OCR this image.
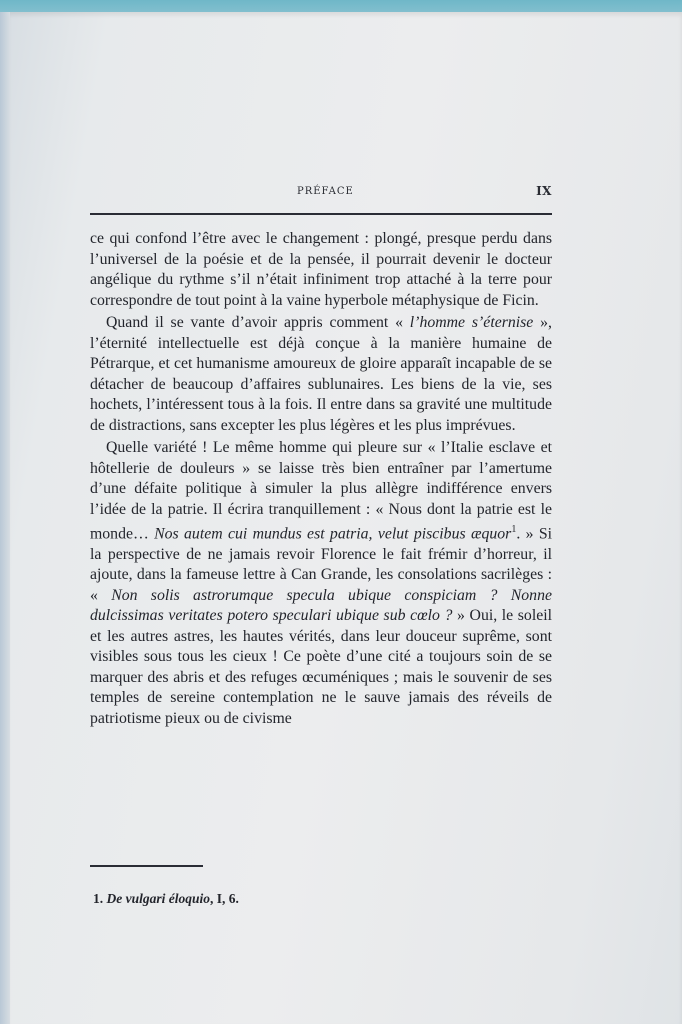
PRÉFACE	IX

ce qui confond l’être avec le changement : plongé, presque perdu dans l’universel de la poésie et de la pensée, il pourrait devenir le docteur angélique du rythme s’il n’était infiniment trop attaché à la terre pour correspondre de tout point à la vaine hyperbole métaphysique de Ficin.

Quand il se vante d’avoir appris comment « l’homme s’éternise », l’éternité intellectuelle est déjà conçue à la manière humaine de Pétrarque, et cet humanisme amoureux de gloire apparaît incapable de se détacher de beaucoup d’affaires sublunaires. Les biens de la vie, ses hochets, l’intéressent tous à la fois. Il entre dans sa gravité une multitude de distractions, sans excepter les plus légères et les plus imprévues.

Quelle variété ! Le même homme qui pleure sur « l’Italie esclave et hôtellerie de douleurs » se laisse très bien entraîner par l’amertume d’une défaite politique à simuler la plus allègre indifférence envers l’idée de la patrie. Il écrira tranquillement : « Nous dont la patrie est le monde… Nos autem cui mundus est patria, velut piscibus æquor$^1$. » Si la perspective de ne jamais revoir Florence le fait frémir d’horreur, il ajoute, dans la fameuse lettre à Can Grande, les consolations sacrilèges : « Non solis astrorumque specula ubique conspiciam ? Nonne dulcissimas veritates potero speculari ubique sub cœlo ? » Oui, le soleil et les autres astres, les hautes vérités, dans leur douceur suprême, sont visibles sous tous les cieux ! Ce poète d’une cité a toujours soin de se marquer des abris et des refuges œcuméniques ; mais le souvenir de ses temples de sereine contemplation ne le sauve jamais des réveils de patriotisme pieux ou de civisme

1. De vulgari éloquio, I, 6.
